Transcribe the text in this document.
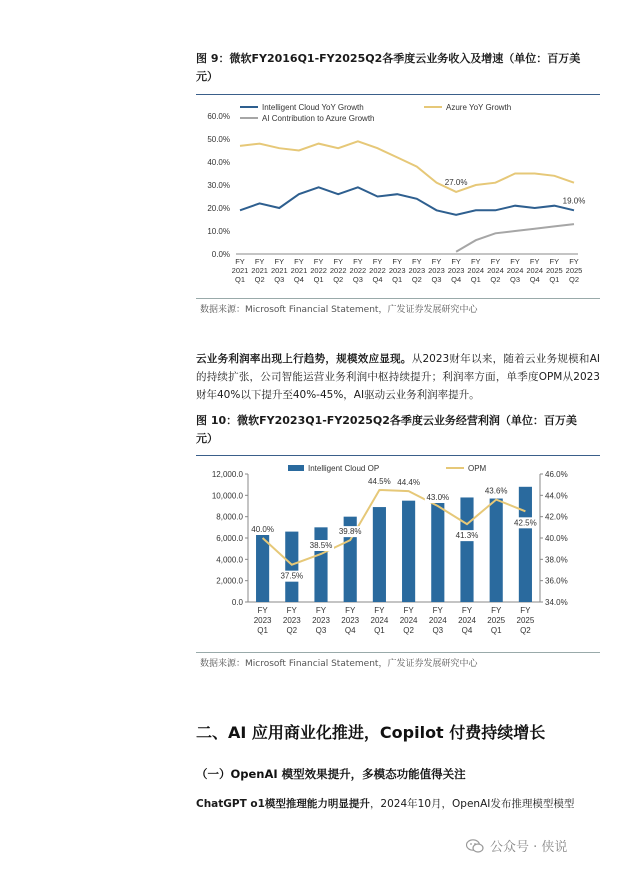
图 9：微软FY2016Q1-FY2025Q2各季度云业务收入及增速（单位：百万美
元）
0.0%
10.0%
20.0%
30.0%
40.0%
50.0%
60.0%
FY
2021
Q1
FY
2021
Q2
FY
2021
Q3
FY
2021
Q4
FY
2022
Q1
FY
2022
Q2
FY
2022
Q3
FY
2022
Q4
FY
2023
Q1
FY
2023
Q2
FY
2023
Q3
FY
2023
Q4
FY
2024
Q1
FY
2024
Q2
FY
2024
Q3
FY
2024
Q4
FY
2025
Q1
FY
2025
Q2
27.0%
19.0%
Intelligent Cloud YoY Growth	Azure YoY Growth
AI Contribution to Azure Growth
数据来源：Microsoft Financial Statement，广发证券发展研究中心
云业务利润率出现上行趋势，规模效应显现。从2023财年以来，随着云业务规模和AI的持续扩张，公司智能运营业务利润中枢持续提升；利润率方面，单季度OPM从2023财年40%以下提升至40%-45%，AI驱动云业务利润率提升。
图 10：微软FY2023Q1-FY2025Q2各季度云业务经营利润（单位：百万美
元）
0.0
2,000.0
4,000.0
6,000.0
8,000.0
10,000.0
12,000.0
34.0%
36.0%
38.0%
40.0%
42.0%
44.0%
46.0%
FY
2023
Q1
FY
2023
Q2
FY
2023
Q3
FY
2023
Q4
FY
2024
Q1
FY
2024
Q2
FY
2024
Q3
FY
2024
Q4
FY
2025
Q1
FY
2025
Q2
40.0%
37.5%
38.5%
39.8%
44.5% 44.4%
43.0%
41.3%
43.6%
42.5%
Intelligent Cloud OP	OPM
数据来源：Microsoft Financial Statement，广发证券发展研究中心
二、AI 应用商业化推进，Copilot 付费持续增长
（一）OpenAI 模型效果提升，多模态功能值得关注
ChatGPT o1模型推理能力明显提升，2024年10月，OpenAI发布推理模型模型
公众号 · 侠说
